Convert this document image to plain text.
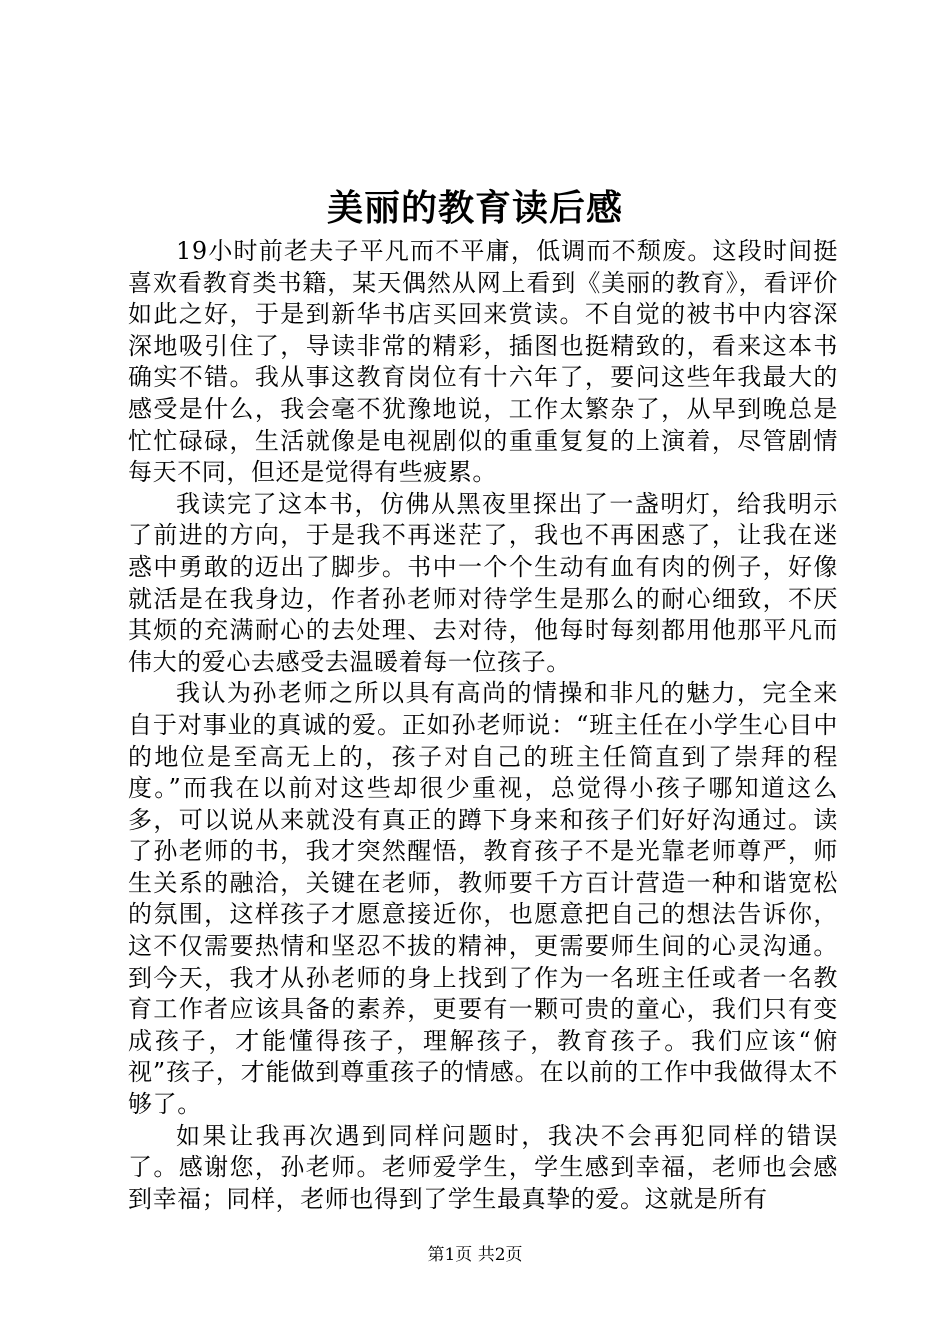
美丽的教育读后感

19小时前老夫子平凡而不平庸，低调而不颓废。这段时间挺喜欢看教育类书籍，某天偶然从网上看到《美丽的教育》，看评价如此之好，于是到新华书店买回来赏读。不自觉的被书中内容深深地吸引住了，导读非常的精彩，插图也挺精致的，看来这本书确实不错。我从事这教育岗位有十六年了，要问这些年我最大的感受是什么，我会毫不犹豫地说，工作太繁杂了，从早到晚总是忙忙碌碌，生活就像是电视剧似的重重复复的上演着，尽管剧情每天不同，但还是觉得有些疲累。

我读完了这本书，仿佛从黑夜里探出了一盏明灯，给我明示了前进的方向，于是我不再迷茫了，我也不再困惑了，让我在迷惑中勇敢的迈出了脚步。书中一个个生动有血有肉的例子，好像就活是在我身边，作者孙老师对待学生是那么的耐心细致，不厌其烦的充满耐心的去处理、去对待，他每时每刻都用他那平凡而伟大的爱心去感受去温暖着每一位孩子。

我认为孙老师之所以具有高尚的情操和非凡的魅力，完全来自于对事业的真诚的爱。正如孙老师说：“班主任在小学生心目中的地位是至高无上的，孩子对自己的班主任简直到了崇拜的程度。”而我在以前对这些却很少重视，总觉得小孩子哪知道这么多，可以说从来就没有真正的蹲下身来和孩子们好好沟通过。读了孙老师的书，我才突然醒悟，教育孩子不是光靠老师尊严，师生关系的融洽，关键在老师，教师要千方百计营造一种和谐宽松的氛围，这样孩子才愿意接近你，也愿意把自己的想法告诉你，这不仅需要热情和坚忍不拔的精神，更需要师生间的心灵沟通。到今天，我才从孙老师的身上找到了作为一名班主任或者一名教育工作者应该具备的素养，更要有一颗可贵的童心，我们只有变成孩子，才能懂得孩子，理解孩子，教育孩子。我们应该“俯视”孩子，才能做到尊重孩子的情感。在以前的工作中我做得太不够了。

如果让我再次遇到同样问题时，我决不会再犯同样的错误了。感谢您，孙老师。老师爱学生，学生感到幸福，老师也会感到幸福；同样，老师也得到了学生最真挚的爱。这就是所有

第1页 共2页
